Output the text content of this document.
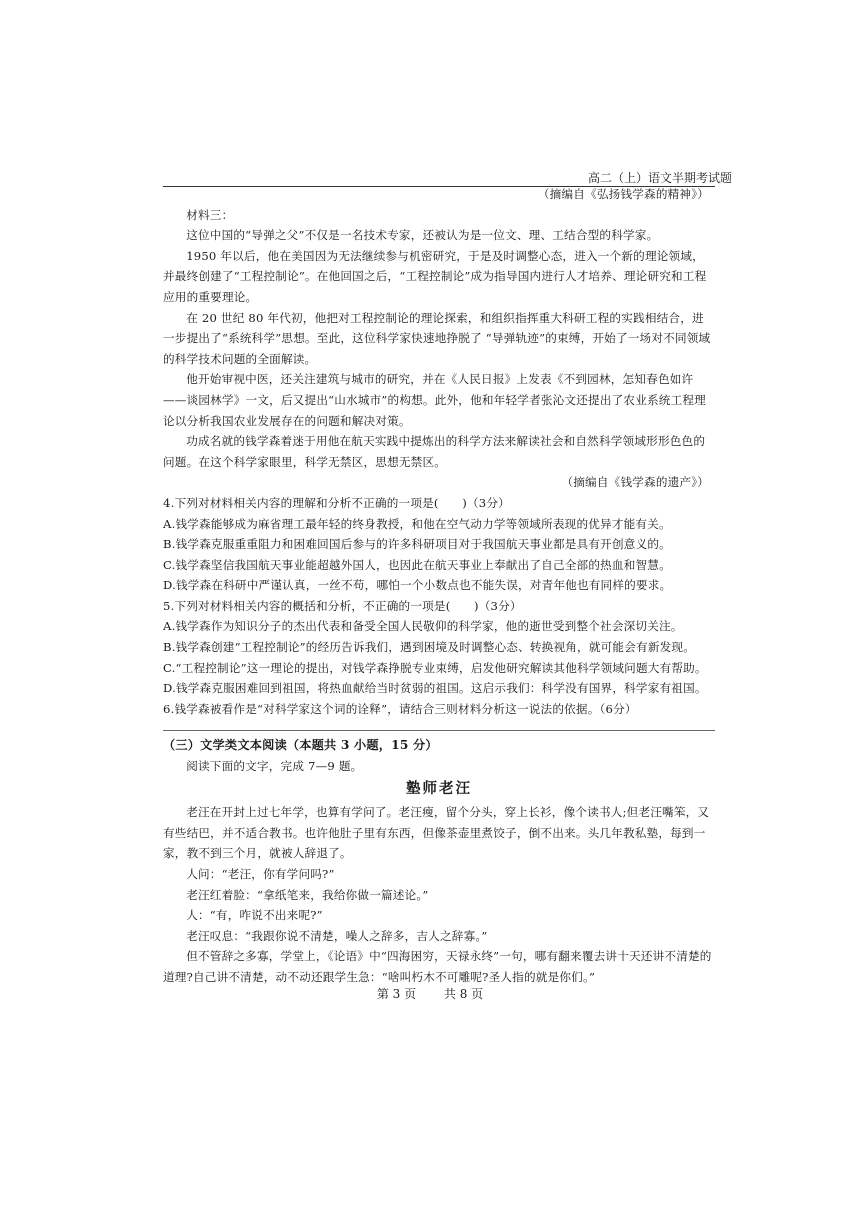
高二（上）语文半期考试题

（摘编自《弘扬钱学森的精神》）

材料三：

这位中国的“导弹之父”不仅是一名技术专家，还被认为是一位文、理、工结合型的科学家。

1950 年以后，他在美国因为无法继续参与机密研究，于是及时调整心态，进入一个新的理论领域，并最终创建了“工程控制论”。在他回国之后，“工程控制论”成为指导国内进行人才培养、理论研究和工程应用的重要理论。

在 20 世纪 80 年代初，他把对工程控制论的理论探索，和组织指挥重大科研工程的实践相结合，进一步提出了“系统科学”思想。至此，这位科学家快速地挣脱了 “导弹轨迹”的束缚，开始了一场对不同领域的科学技术问题的全面解读。

他开始审视中医，还关注建筑与城市的研究，并在《人民日报》上发表《不到园林，怎知春色如许——谈园林学》一文，后又提出“山水城市”的构想。此外，他和年轻学者张沁文还提出了农业系统工程理论以分析我国农业发展存在的问题和解决对策。

功成名就的钱学森着迷于用他在航天实践中提炼出的科学方法来解读社会和自然科学领域形形色色的问题。在这个科学家眼里，科学无禁区，思想无禁区。

（摘编自《钱学森的遗产》）

4.下列对材料相关内容的理解和分析不正确的一项是(　　)（3分）

A.钱学森能够成为麻省理工最年轻的终身教授，和他在空气动力学等领域所表现的优异才能有关。

B.钱学森克服重重阻力和困难回国后参与的许多科研项目对于我国航天事业都是具有开创意义的。

C.钱学森坚信我国航天事业能超越外国人，也因此在航天事业上奉献出了自己全部的热血和智慧。

D.钱学森在科研中严谨认真，一丝不苟，哪怕一个小数点也不能失误，对青年他也有同样的要求。

5.下列对材料相关内容的概括和分析，不正确的一项是(　　)（3分）

A.钱学森作为知识分子的杰出代表和备受全国人民敬仰的科学家，他的逝世受到整个社会深切关注。

B.钱学森创建“工程控制论”的经历告诉我们，遇到困境及时调整心态、转换视角，就可能会有新发现。

C.“工程控制论”这一理论的提出，对钱学森挣脱专业束缚，启发他研究解读其他科学领域问题大有帮助。

D.钱学森克服困难回到祖国，将热血献给当时贫弱的祖国。这启示我们：科学没有国界，科学家有祖国。

6.钱学森被看作是“对科学家这个词的诠释”，请结合三则材料分析这一说法的依据。（6分）

（三）文学类文本阅读（本题共 3 小题，15 分）

阅读下面的文字，完成 7—9 题。

塾师老汪

老汪在开封上过七年学，也算有学问了。老汪瘦，留个分头，穿上长衫，像个读书人;但老汪嘴笨，又有些结巴，并不适合教书。也许他肚子里有东西，但像茶壶里煮饺子，倒不出来。头几年教私塾，每到一家，教不到三个月，就被人辞退了。

人问：“老汪，你有学问吗?”

老汪红着脸：“拿纸笔来，我给你做一篇述论。”

人：“有，咋说不出来呢?”

老汪叹息：“我跟你说不清楚，噪人之辞多，吉人之辞寡。”

但不管辞之多寡，学堂上，《论语》中“四海困穷，天禄永终”一句，哪有翻来覆去讲十天还讲不清楚的道理?自己讲不清楚，动不动还跟学生急：“啥叫朽木不可雕呢?圣人指的就是你们。”

第 3 页 共 8 页
